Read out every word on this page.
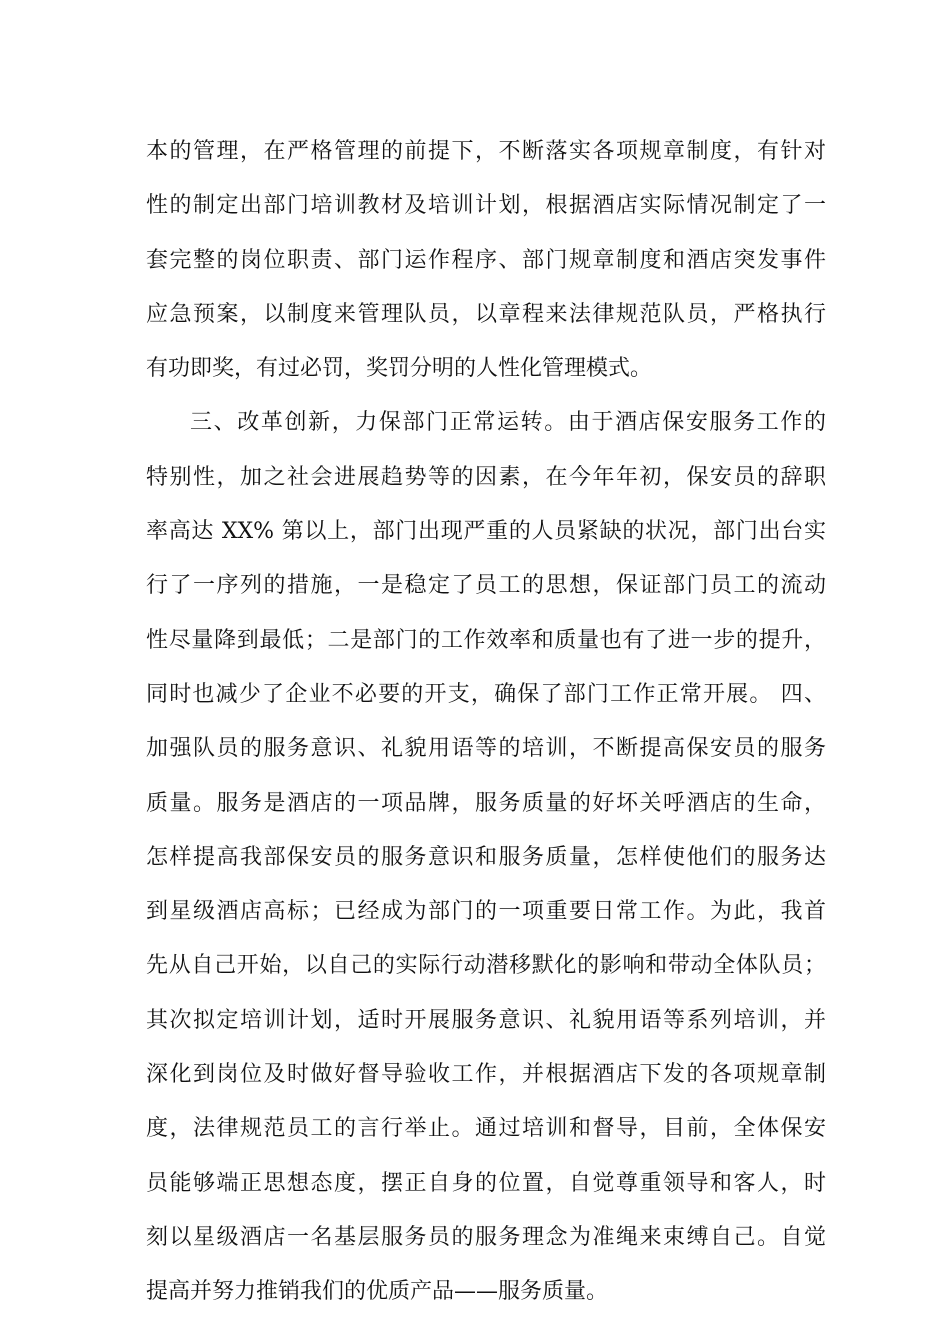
本的管理，在严格管理的前提下，不断落实各项规章制度，有针对
性的制定出部门培训教材及培训计划，根据酒店实际情况制定了一
套完整的岗位职责、部门运作程序、部门规章制度和酒店突发事件
应急预案，以制度来管理队员，以章程来法律规范队员，严格执行
有功即奖，有过必罚，奖罚分明的人性化管理模式。
三、改革创新，力保部门正常运转。由于酒店保安服务工作的
特别性，加之社会进展趋势等的因素，在今年年初，保安员的辞职
率高达 XX% 第以上，部门出现严重的人员紧缺的状况，部门出台实
行了一序列的措施，一是稳定了员工的思想，保证部门员工的流动
性尽量降到最低；二是部门的工作效率和质量也有了进一步的提升，
同时也减少了企业不必要的开支，确保了部门工作正常开展。 四、
加强队员的服务意识、礼貌用语等的培训，不断提高保安员的服务
质量。服务是酒店的一项品牌，服务质量的好坏关呼酒店的生命，
怎样提高我部保安员的服务意识和服务质量，怎样使他们的服务达
到星级酒店高标；已经成为部门的一项重要日常工作。为此，我首
先从自己开始，以自己的实际行动潜移默化的影响和带动全体队员；
其次拟定培训计划，适时开展服务意识、礼貌用语等系列培训，并
深化到岗位及时做好督导验收工作，并根据酒店下发的各项规章制
度，法律规范员工的言行举止。通过培训和督导，目前，全体保安
员能够端正思想态度，摆正自身的位置，自觉尊重领导和客人，时
刻以星级酒店一名基层服务员的服务理念为准绳来束缚自己。自觉
提高并努力推销我们的优质产品——服务质量。
